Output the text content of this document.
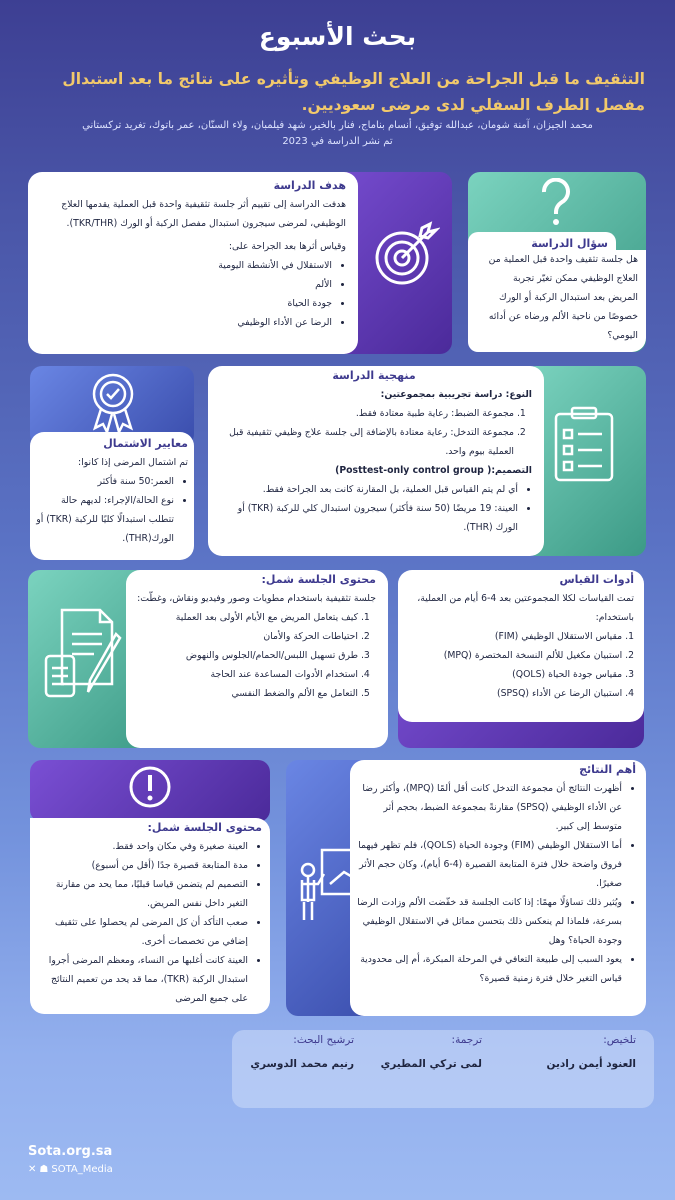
بحث الأسبوع
التثقيف ما قبل الجراحة من العلاج الوظيفي وتأثيره على نتائج ما بعد استبدال مفصل الطرف السفلي لدى مرضى سعوديين.
محمد الجيزان، آمنة شومان، عبدالله توفيق، أنسام بناماج، فنار بالخير، شهد فيلمبان، ولاء السنّان، عمر باتوك، تغريد تركستاني
تم نشر الدراسة في 2023
هدف الدراسة
هدفت الدراسة إلى تقييم أثر جلسة تثقيفية واحدة قبل العملية يقدمها العلاج الوظيفي، لمرضى سيجرون استبدال مفصل الركبة أو الورك (TKR/THR).
وقياس أثرها بعد الجراحة على:
• الاستقلال في الأنشطة اليومية
• الألم
• جودة الحياة
• الرضا عن الأداء الوظيفي
سؤال الدراسة
هل جلسة تثقيف واحدة قبل العملية من العلاج الوظيفي ممكن تغيّر تجربة المريض بعد استبدال الركبة أو الورك خصوصًا من ناحية الألم ورضاه عن أدائه اليومي؟
معايير الاشتمال
تم اشتمال المرضى إذا كانوا:
• العمر:50 سنة فأكثر
• نوع الحالة/الإجراء: لديهم حالة تتطلب استبدالًا كليًا للركبة (TKR) أو الورك(THR).
منهجية الدراسة
النوع: دراسة تجريبية بمجموعتين:
1. مجموعة الضبط: رعاية طبية معتادة فقط.
2. مجموعة التدخل: رعاية معتادة بالإضافة إلى جلسة علاج وظيفي تثقيفية قبل العملية بيوم واحد.
التصميم:( Posttest-only control group)
• أي لم يتم القياس قبل العملية، بل المقارنة كانت بعد الجراحة فقط.
• العينة: 19 مريضًا (50 سنة فأكثر) سيجرون استبدال كلي للركبة (TKR) أو الورك (THR).
محتوى الجلسة شمل:
جلسة تثقيفية باستخدام مطويات وصور وفيديو ونقاش، وغطّت:
1. كيف يتعامل المريض مع الأيام الأولى بعد العملية
2. احتياطات الحركة والأمان
3. طرق تسهيل اللبس/الحمام/الجلوس والنهوض
4. استخدام الأدوات المساعدة عند الحاجة
5. التعامل مع الألم والضغط النفسي
أدوات القياس
تمت القياسات لكلا المجموعتين بعد 4-6 أيام من العملية، باستخدام:
1. مقياس الاستقلال الوظيفي (FIM)
2. استبيان مكغيل للألم النسخة المختصرة (MPQ)
3. مقياس جودة الحياة (QOLS)
4. استبيان الرضا عن الأداء (SPSQ)
محتوى الجلسة شمل:
• العينة صغيرة وفي مكان واحد فقط.
• مدة المتابعة قصيرة جدًا (أقل من أسبوع)
• التصميم لم يتضمن قياسا قبليًا، مما يحد من مقارنة التغير داخل نفس المريض.
• صعب التأكد أن كل المرضى لم يحصلوا على تثقيف إضافي من تخصصات أخرى.
• العينة كانت أغلبها من النساء، ومعظم المرضى أجروا استبدال الركبة (TKR)، مما قد يحد من تعميم النتائج على جميع المرضى
أهم النتائج
• أظهرت النتائج أن مجموعة التدخل كانت أقل ألمًا (MPQ)، وأكثر رضا عن الأداء الوظيفي (SPSQ) مقارنةً بمجموعة الضبط، بحجم أثر متوسط إلى كبير.
• أما الاستقلال الوظيفي (FIM) وجودة الحياة (QOLS)، فلم تظهر فيهما فروق واضحة خلال فترة المتابعة القصيرة (4-6 أيام)، وكان حجم الأثر صغيرًا.
• ويُثير ذلك تساؤلًا مهمًا: إذا كانت الجلسة قد خفّضت الألم وزادت الرضا بسرعة، فلماذا لم ينعكس ذلك بتحسن مماثل في الاستقلال الوظيفي وجودة الحياة؟ وهل
• يعود السبب إلى طبيعة التعافي في المرحلة المبكرة، أم إلى محدودية قياس التغير خلال فترة زمنية قصيرة؟
تلخيص:
العنود أيمن رادين
ترجمة:
لمى تركي المطيري
ترشيح البحث:
رنيم محمد الدوسري
Sota.org.sa
✕ ☗ SOTA_Media
